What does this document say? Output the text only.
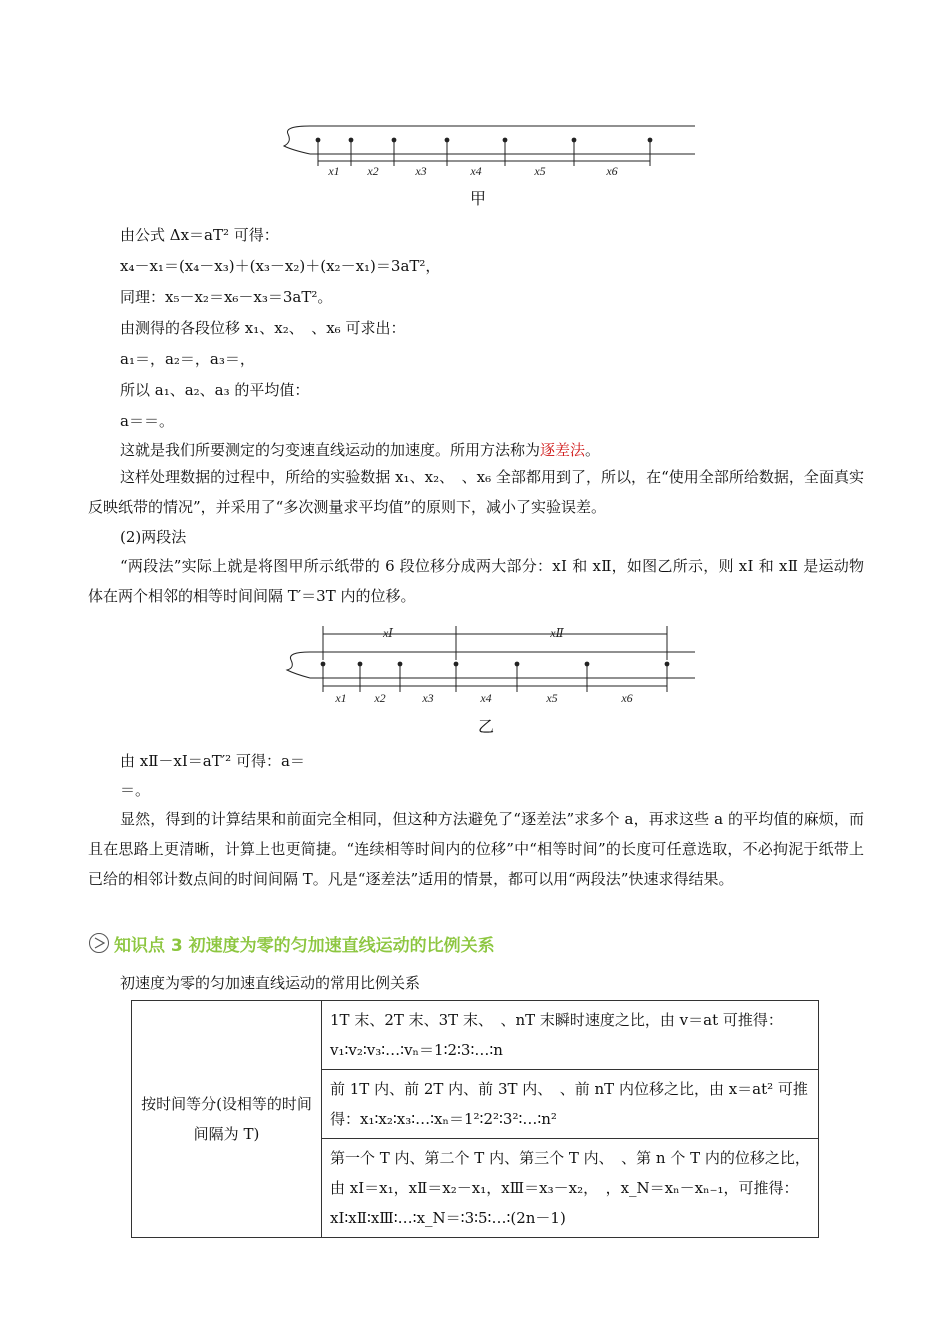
x1 x2	x3	x4	x5	x6
甲
由公式 Δx＝aT² 可得：
x₄－x₁＝(x₄－x₃)＋(x₃－x₂)＋(x₂－x₁)＝3aT²，
同理：x₅－x₂＝x₆－x₃＝3aT²。
由测得的各段位移 x₁、x₂、　、x₆ 可求出：
a₁＝，a₂＝，a₃＝，
所以 a₁、a₂、a₃ 的平均值：
a＝＝。
这就是我们所要测定的匀变速直线运动的加速度。所用方法称为逐差法。
这样处理数据的过程中，所给的实验数据 x₁、x₂、　、x₆ 全部都用到了，所以，在“使用全部所给数据，全面真实反映纸带的情况”，并采用了“多次测量求平均值”的原则下，减小了实验误差。
(2)两段法
“两段法”实际上就是将图甲所示纸带的 6 段位移分成两大部分：xⅠ 和 xⅡ，如图乙所示，则 xⅠ 和 xⅡ 是运动物体在两个相邻的相等时间间隔 T′＝3T 内的位移。
xⅠ	xⅡ
x1 x2	x3	x4	x5	x6
乙
由 xⅡ－xⅠ＝aT′² 可得：a＝
＝。
显然，得到的计算结果和前面完全相同，但这种方法避免了“逐差法”求多个 a，再求这些 a 的平均值的麻烦，而且在思路上更清晰，计算上也更简捷。“连续相等时间内的位移”中“相等时间”的长度可任意选取，不必拘泥于纸带上已给的相邻计数点间的时间间隔 T。凡是“逐差法”适用的情景，都可以用“两段法”快速求得结果。
知识点 3 初速度为零的匀加速直线运动的比例关系
初速度为零的匀加速直线运动的常用比例关系
按时间等分(设相等的时间间隔为 T)	1T 末、2T 末、3T 末、　、nT 末瞬时速度之比，由 v＝at 可推得：v₁∶v₂∶v₃∶…∶vₙ＝1∶2∶3∶…∶n
前 1T 内、前 2T 内、前 3T 内、　、前 nT 内位移之比，由 x＝at² 可推得：x₁∶x₂∶x₃∶…∶xₙ＝1²∶2²∶3²∶…∶n²
第一个 T 内、第二个 T 内、第三个 T 内、　、第 n 个 T 内的位移之比，由 xⅠ＝x₁，xⅡ＝x₂－x₁，xⅢ＝x₃－x₂，　，x_N＝xₙ－xₙ₋₁，可推得：xⅠ∶xⅡ∶xⅢ∶…∶x_N＝∶3∶5∶…∶(2n－1)
